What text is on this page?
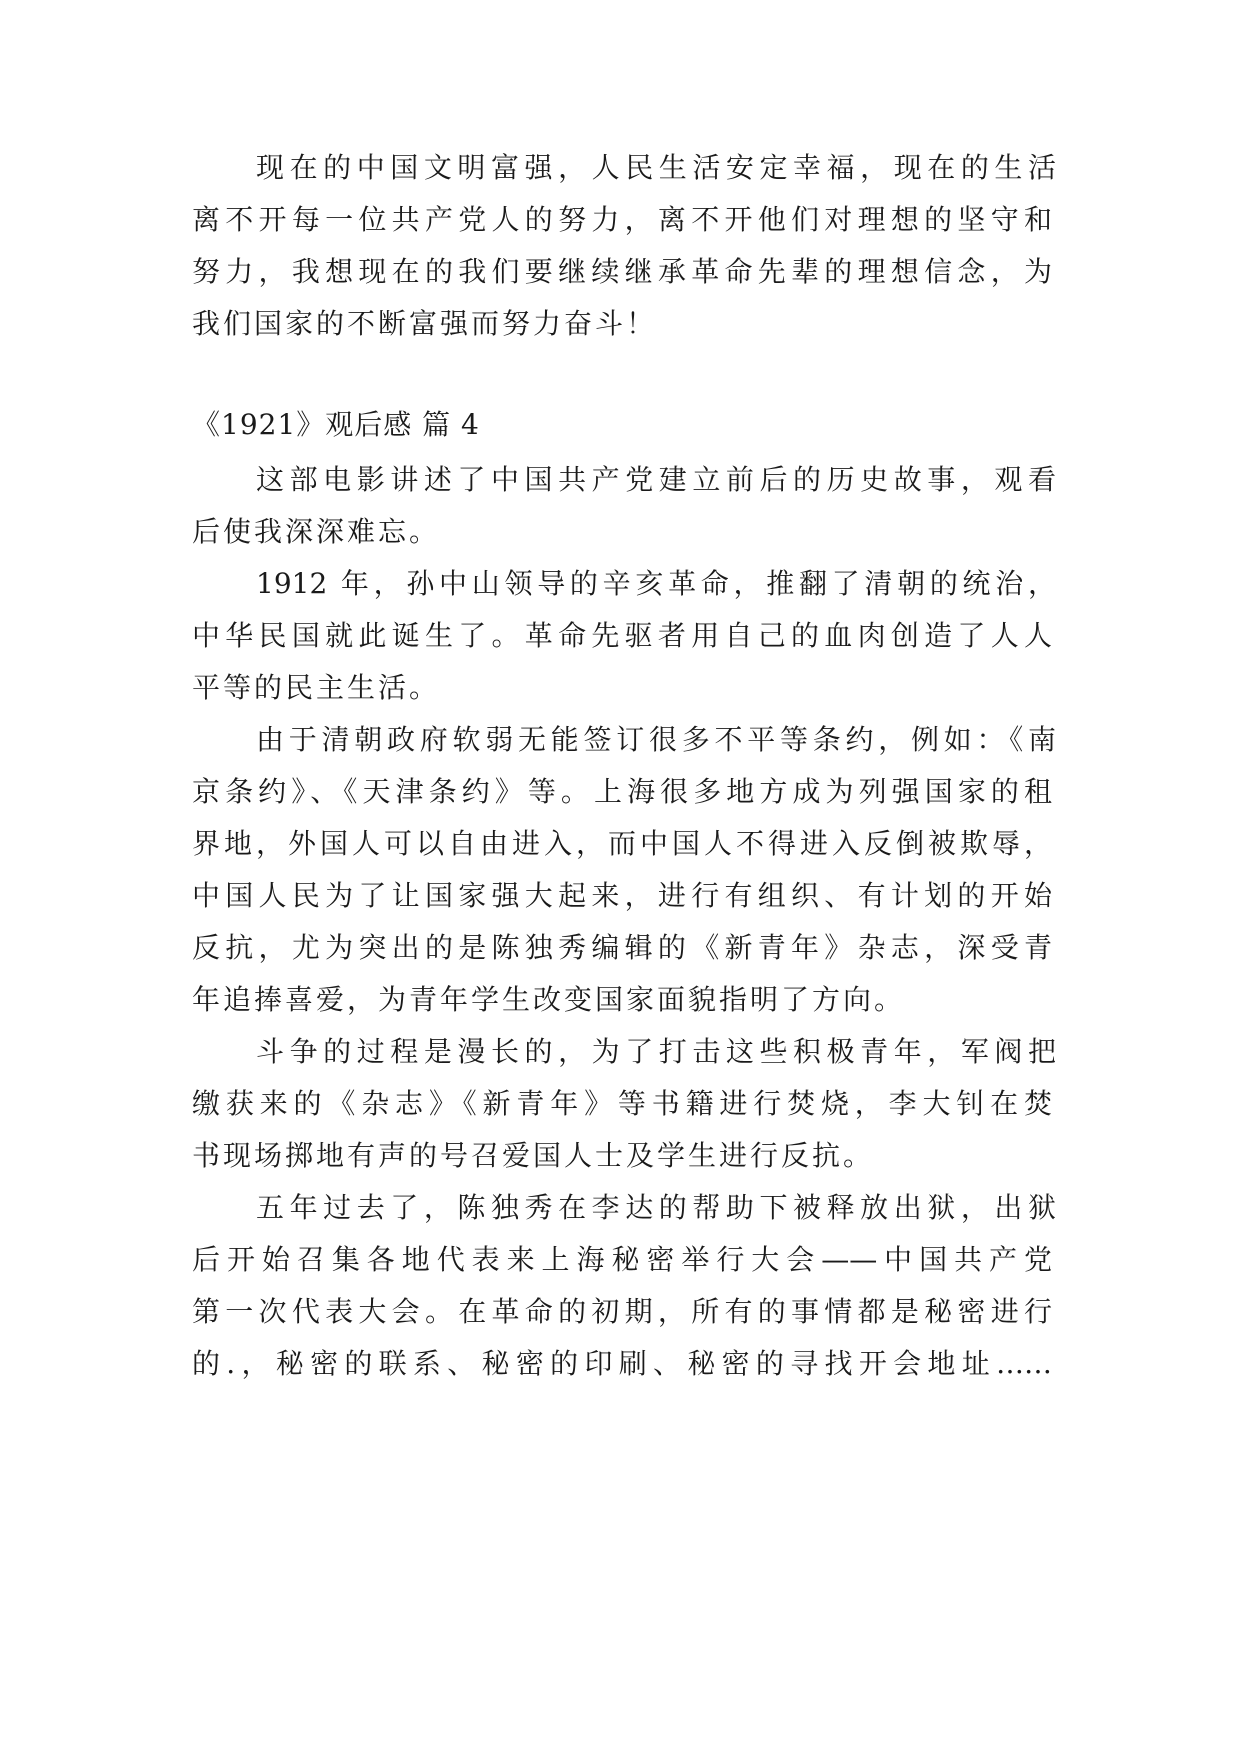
现在的中国文明富强，人民生活安定幸福，现在的生活
离不开每一位共产党人的努力，离不开他们对理想的坚守和
努力，我想现在的我们要继续继承革命先辈的理想信念，为
我们国家的不断富强而努力奋斗！
《1921》观后感 篇 4
这部电影讲述了中国共产党建立前后的历史故事，观看
后使我深深难忘。
1912 年，孙中山领导的辛亥革命，推翻了清朝的统治，
中华民国就此诞生了。革命先驱者用自己的血肉创造了人人
平等的民主生活。
由于清朝政府软弱无能签订很多不平等条约，例如：《南
京条约》、《天津条约》等。上海很多地方成为列强国家的租
界地，外国人可以自由进入，而中国人不得进入反倒被欺辱，
中国人民为了让国家强大起来，进行有组织、有计划的开始
反抗，尤为突出的是陈独秀编辑的《新青年》杂志，深受青
年追捧喜爱，为青年学生改变国家面貌指明了方向。
斗争的过程是漫长的，为了打击这些积极青年，军阀把
缴获来的《杂志》《新青年》等书籍进行焚烧，李大钊在焚
书现场掷地有声的号召爱国人士及学生进行反抗。
五年过去了，陈独秀在李达的帮助下被释放出狱，出狱
后开始召集各地代表来上海秘密举行大会——中国共产党
第一次代表大会。在革命的初期，所有的事情都是秘密进行
的.，秘密的联系、秘密的印刷、秘密的寻找开会地址……
